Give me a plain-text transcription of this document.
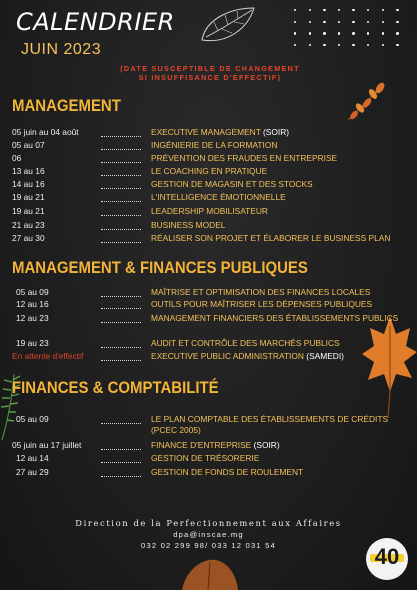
CALENDRIER
JUIN 2023
(DATE SUSCEPTIBLE DE CHANGEMENT
SI INSUFFISANCE D'EFFECTIF)
MANAGEMENT
MANAGEMENT & FINANCES PUBLIQUES
FINANCES & COMPTABILITÉ
05 juin au 04 août	EXECUTIVE MANAGEMENT (SOIR)
05 au 07	INGÉNIERIE DE LA FORMATION
06	PRÉVENTION DES FRAUDES EN ENTREPRISE
13 au 16	LE COACHING EN PRATIQUE
14 au 16	GESTION DE MAGASIN ET DES STOCKS
19 au 21	L'INTELLIGENCE ÉMOTIONNELLE
19 au 21	LEADERSHIP MOBILISATEUR
21 au 23	BUSINESS MODEL
27 au 30	RÉALISER SON PROJET ET ÉLABORER LE BUSINESS PLAN
05 au 09	MAÎTRISE ET OPTIMISATION DES FINANCES LOCALES
12 au 16	OUTILS POUR MAÎTRISER LES DÉPENSES PUBLIQUES
12 au 23	MANAGEMENT FINANCIERS DES ÉTABLISSEMENTS PUBLICS
19 au 23	AUDIT ET CONTRÔLE DES MARCHÉS PUBLICS
En attente d'effectif	EXECUTIVE PUBLIC ADMINISTRATION (SAMEDI)
05 au 09	LE PLAN COMPTABLE DES ÉTABLISSEMENTS DE CRÉDITS (PCEC 2005)
05 juin au 17 juillet	FINANCE D'ENTREPRISE (SOIR)
12 au 14	GESTION DE TRÉSORERIE
27 au 29	GESTION DE FONDS DE ROULEMENT
Direction de la Perfectionnement aux Affaires
dpa@inscae.mg
032 02 299 98/ 033 12 031 54	40
